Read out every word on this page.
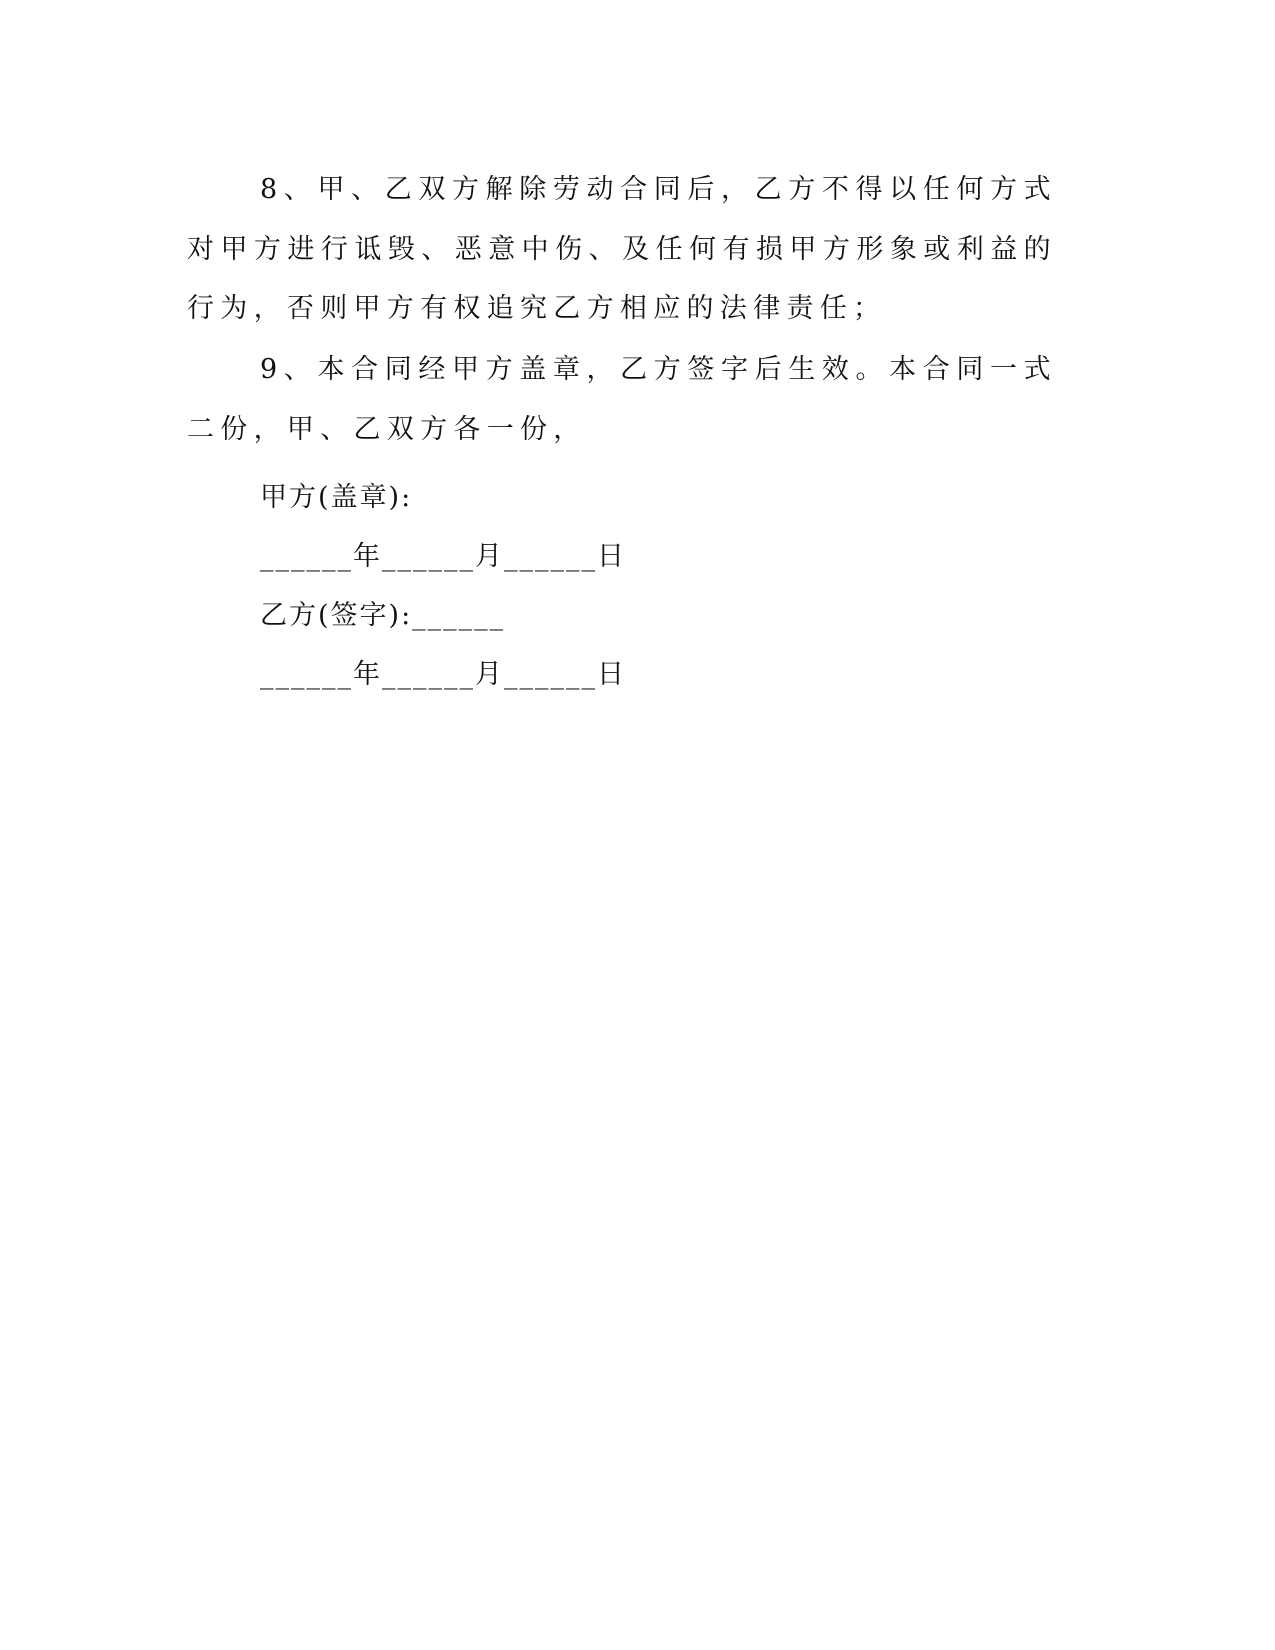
8、甲、乙双方解除劳动合同后，乙方不得以任何方式对甲方进行诋毁、恶意中伤、及任何有损甲方形象或利益的行为，否则甲方有权追究乙方相应的法律责任；

9、本合同经甲方盖章，乙方签字后生效。本合同一式二份，甲、乙双方各一份，

甲方(盖章):

______年______月______日

乙方(签字):______

______年______月______日
